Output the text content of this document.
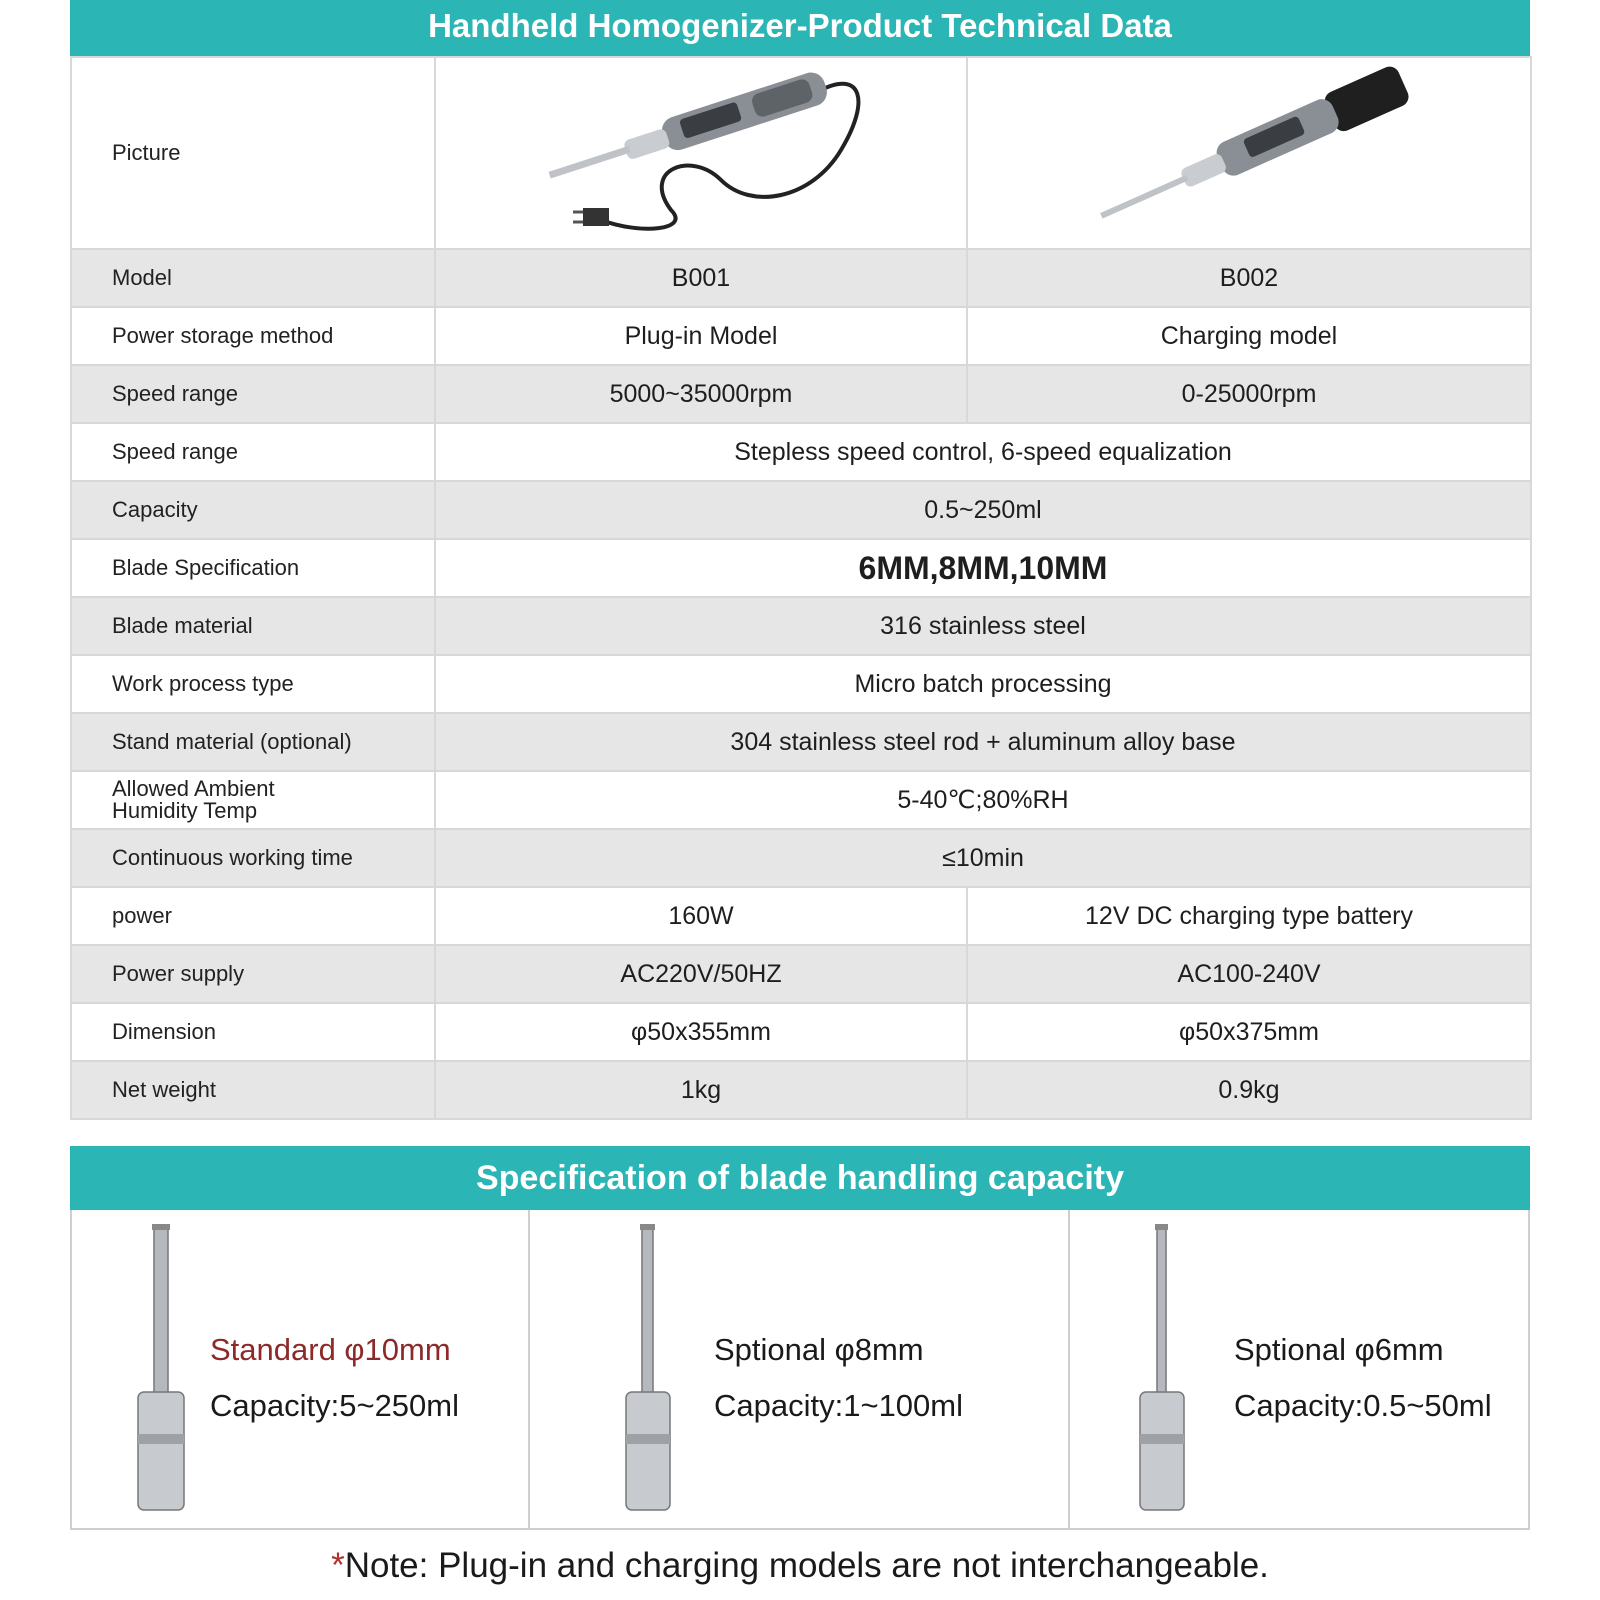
Handheld Homogenizer-Product Technical Data
Picture		
Model	B001	B002
Power storage method	Plug-in Model	Charging model
Speed range	5000~35000rpm	0-25000rpm
Speed range	Stepless speed control, 6-speed equalization	
Capacity	0.5~250ml	
Blade Specification	6MM,8MM,10MM	
Blade material	316 stainless steel	
Work process type	Micro batch processing	
Stand material (optional)	304 stainless steel rod + aluminum alloy base	
Allowed Ambient
Humidity Temp	5-40℃;80%RH	
Continuous working time	≤10min	
power	160W	12V DC charging type battery
Power supply	AC220V/50HZ	AC100-240V
Dimension	φ50x355mm	φ50x375mm
Net weight	1kg	0.9kg
Specification of blade handling capacity
Standard φ10mm
Capacity:5~250ml
Sptional φ8mm
Capacity:1~100ml
Sptional φ6mm
Capacity:0.5~50ml
*Note: Plug-in and charging models are not interchangeable.
